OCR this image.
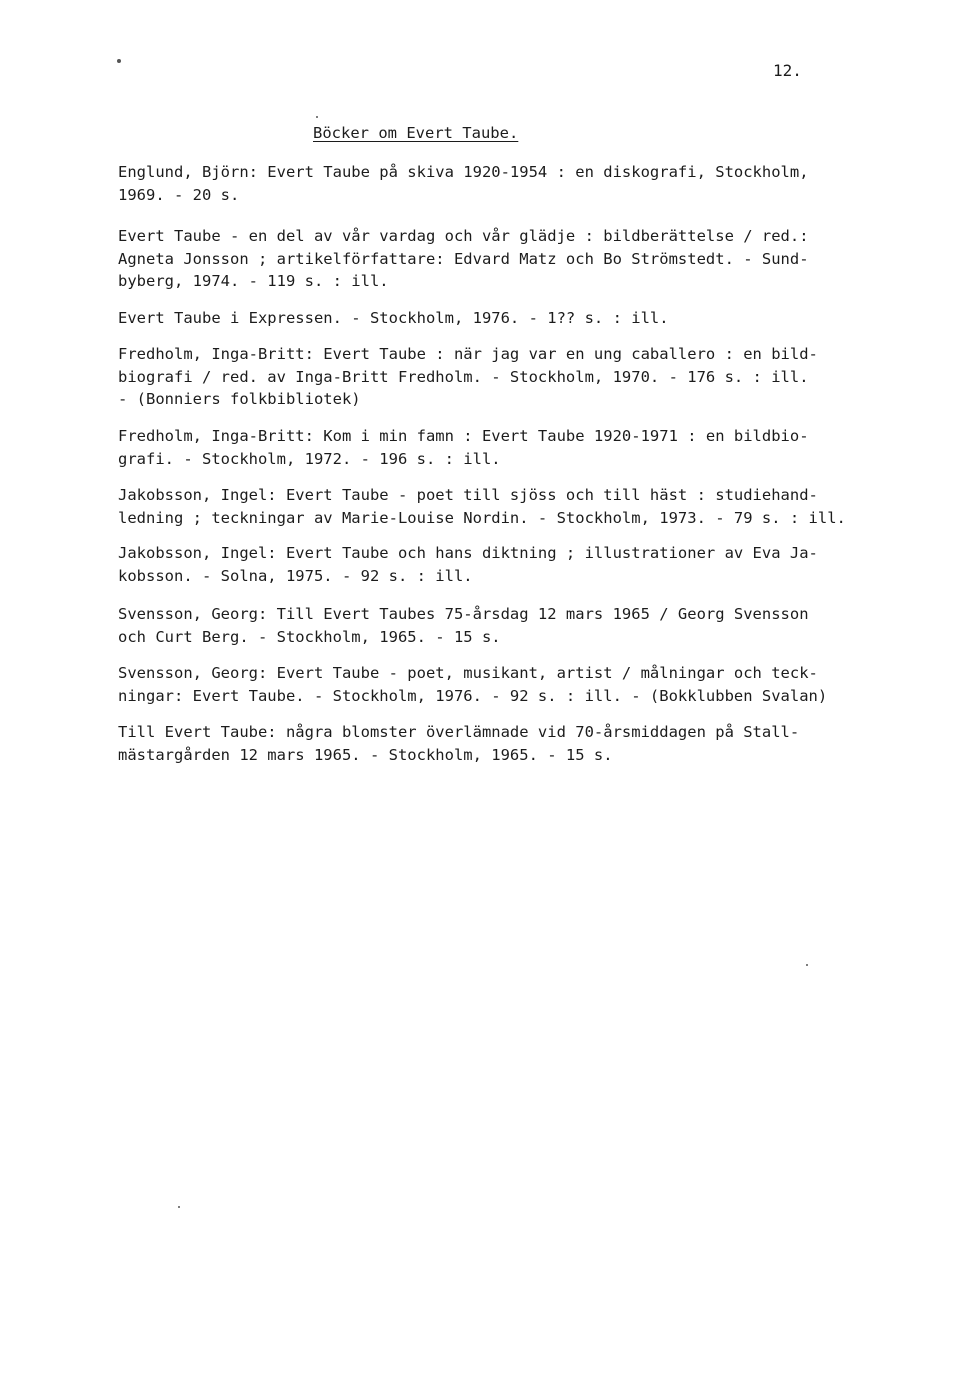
12.
Böcker om Evert Taube.
Englund, Björn: Evert Taube på skiva 1920-1954 : en diskografi, Stockholm,
1969. - 20 s.
Evert Taube - en del av vår vardag och vår glädje : bildberättelse / red.:
Agneta Jonsson ; artikelförfattare: Edvard Matz och Bo Strömstedt. - Sund-
byberg, 1974. - 119 s. : ill.
Evert Taube i Expressen. - Stockholm, 1976. - 1?? s. : ill.
Fredholm, Inga-Britt: Evert Taube : när jag var en ung caballero : en bild-
biografi / red. av Inga-Britt Fredholm. - Stockholm, 1970. - 176 s. : ill.
- (Bonniers folkbibliotek)
Fredholm, Inga-Britt: Kom i min famn : Evert Taube 1920-1971 : en bildbio-
grafi. - Stockholm, 1972. - 196 s. : ill.
Jakobsson, Ingel: Evert Taube - poet till sjöss och till häst : studiehand-
ledning ; teckningar av Marie-Louise Nordin. - Stockholm, 1973. - 79 s. : ill.
Jakobsson, Ingel: Evert Taube och hans diktning ; illustrationer av Eva Ja-
kobsson. - Solna, 1975. - 92 s. : ill.
Svensson, Georg: Till Evert Taubes 75-årsdag 12 mars 1965 / Georg Svensson
och Curt Berg. - Stockholm, 1965. - 15 s.
Svensson, Georg: Evert Taube - poet, musikant, artist / målningar och teck-
ningar: Evert Taube. - Stockholm, 1976. - 92 s. : ill. - (Bokklubben Svalan)
Till Evert Taube: några blomster överlämnade vid 70-årsmiddagen på Stall-
mästargården 12 mars 1965. - Stockholm, 1965. - 15 s.
